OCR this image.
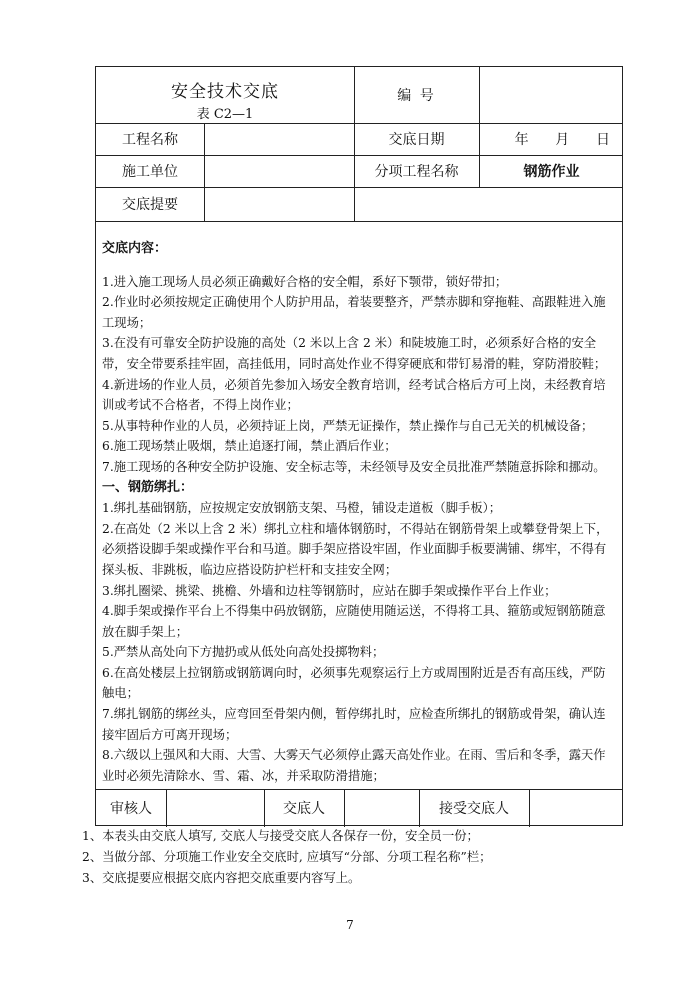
安全技术交底
表 C2—1
编 号
工程名称	交底日期	年      月      日
施工单位	分项工程名称	钢筋作业
交底提要

交底内容：

1.进入施工现场人员必须正确戴好合格的安全帽，系好下颚带，锁好带扣；

2.作业时必须按规定正确使用个人防护用品，着装要整齐，严禁赤脚和穿拖鞋、高跟鞋进入施工现场；

3.在没有可靠安全防护设施的高处（2 米以上含 2 米）和陡坡施工时，必须系好合格的安全带，安全带要系挂牢固，高挂低用，同时高处作业不得穿硬底和带钉易滑的鞋，穿防滑胶鞋；

4.新进场的作业人员，必须首先参加入场安全教育培训，经考试合格后方可上岗，未经教育培训或考试不合格者，不得上岗作业；

5.从事特种作业的人员，必须持证上岗，严禁无证操作，禁止操作与自己无关的机械设备；

6.施工现场禁止吸烟，禁止追逐打闹，禁止酒后作业；

7.施工现场的各种安全防护设施、安全标志等，未经领导及安全员批准严禁随意拆除和挪动。

一、钢筋绑扎：

1.绑扎基础钢筋，应按规定安放钢筋支架、马橙，铺设走道板（脚手板）；

2.在高处（2 米以上含 2 米）绑扎立柱和墙体钢筋时，不得站在钢筋骨架上或攀登骨架上下，必须搭设脚手架或操作平台和马道。脚手架应搭设牢固，作业面脚手板要满铺、绑牢，不得有探头板、非跳板，临边应搭设防护栏杆和支挂安全网；

3.绑扎圈梁、挑梁、挑檐、外墙和边柱等钢筋时，应站在脚手架或操作平台上作业；

4.脚手架或操作平台上不得集中码放钢筋，应随使用随运送，不得将工具、箍筋或短钢筋随意放在脚手架上；

5.严禁从高处向下方抛扔或从低处向高处投掷物料；

6.在高处楼层上拉钢筋或钢筋调向时，必须事先观察运行上方或周围附近是否有高压线，严防触电；

7.绑扎钢筋的绑丝头，应弯回至骨架内侧，暂停绑扎时，应检查所绑扎的钢筋或骨架，确认连接牢固后方可离开现场；

8.六级以上强风和大雨、大雪、大雾天气必须停止露天高处作业。在雨、雪后和冬季，露天作业时必须先清除水、雪、霜、冰，并采取防滑措施；

审核人	交底人	接受交底人

1、本表头由交底人填写, 交底人与接受交底人各保存一份，安全员一份；

2、当做分部、分项施工作业安全交底时, 应填写“分部、分项工程名称”栏；

3、交底提要应根据交底内容把交底重要内容写上。

7
